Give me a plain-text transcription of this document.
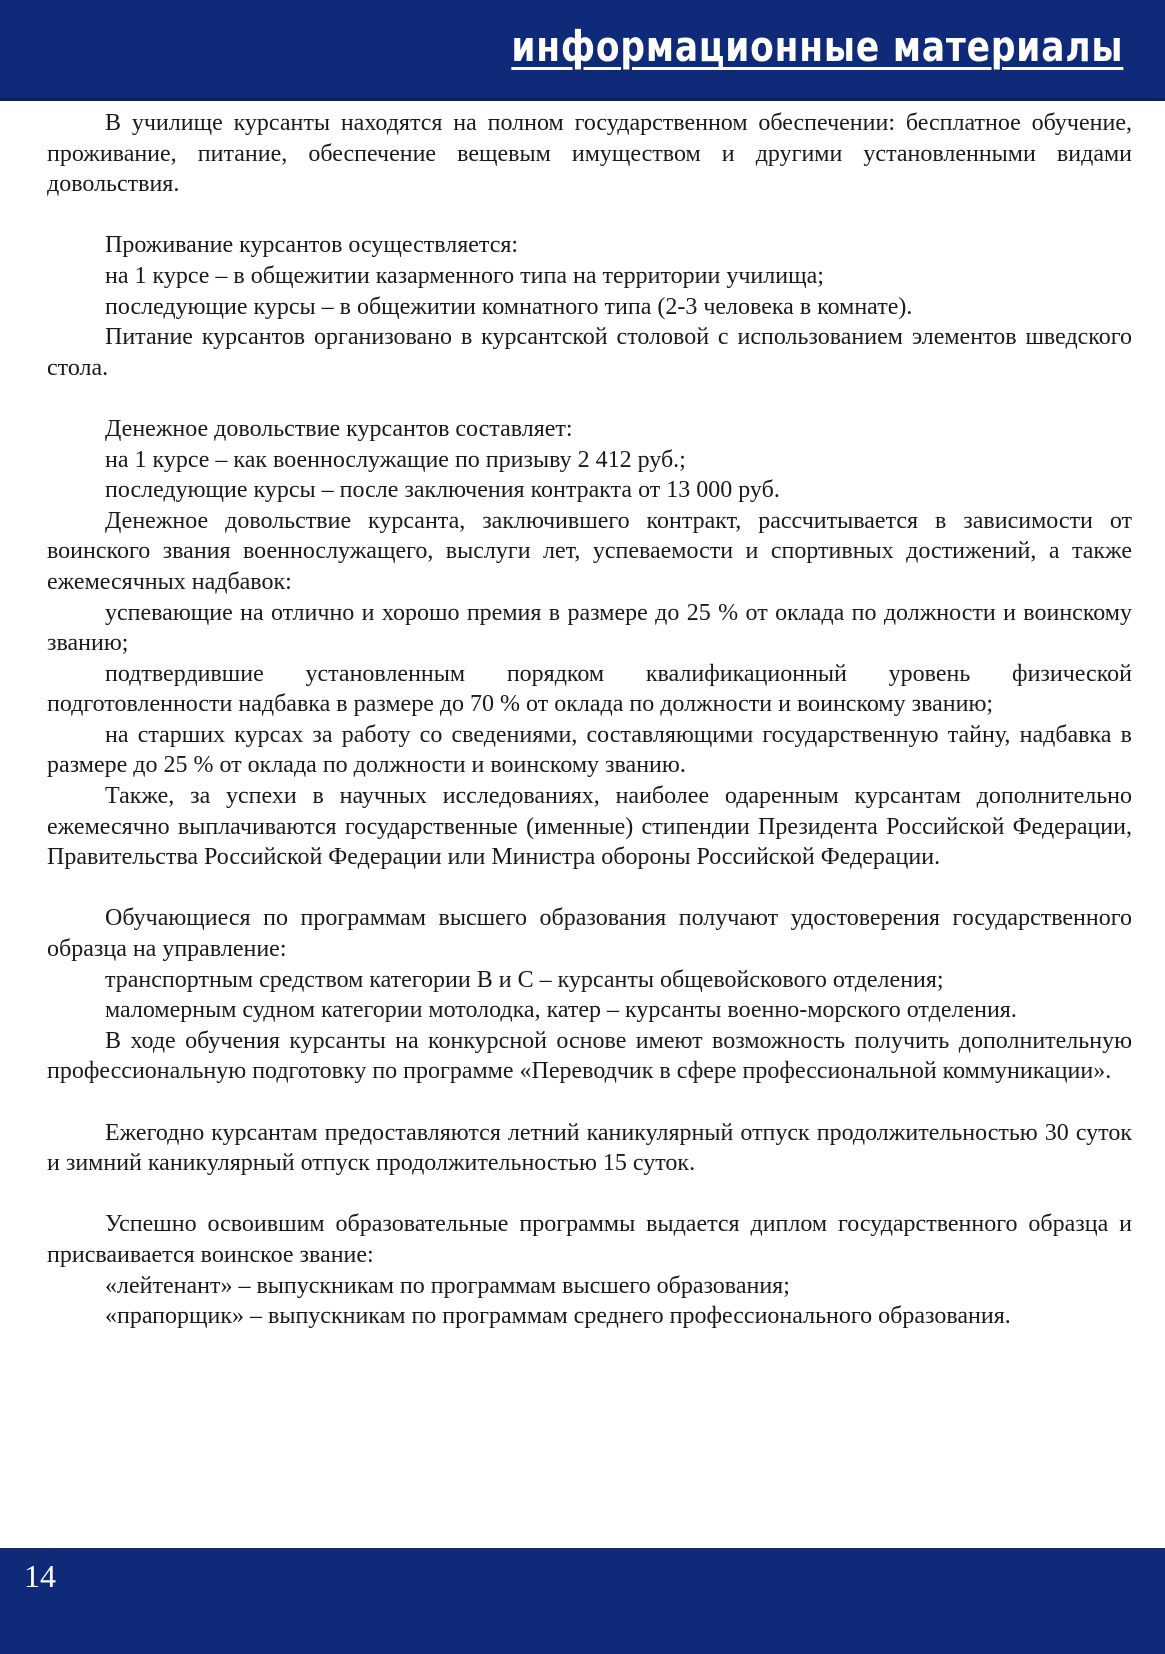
информационные материалы

В училище курсанты находятся на полном государственном обеспечении: бесплатное обучение, проживание, питание, обеспечение вещевым имуществом и другими установленными видами довольствия.

Проживание курсантов осуществляется:

на 1 курсе – в общежитии казарменного типа на территории училища;

последующие курсы – в общежитии комнатного типа (2-3 человека в комнате).

Питание курсантов организовано в курсантской столовой с использованием элементов шведского стола.

Денежное довольствие курсантов составляет:

на 1 курсе – как военнослужащие по призыву 2 412 руб.;

последующие курсы – после заключения контракта от 13 000 руб.

Денежное довольствие курсанта, заключившего контракт, рассчитывается в зависимости от воинского звания военнослужащего, выслуги лет, успеваемости и спортивных достижений, а также ежемесячных надбавок:

успевающие на отлично и хорошо премия в размере до 25 % от оклада по должности и воинскому званию;

подтвердившие установленным порядком квалификационный уровень физической подготовленности надбавка в размере до 70 % от оклада по должности и воинскому званию;

на старших курсах за работу со сведениями, составляющими государственную тайну, надбавка в размере до 25 % от оклада по должности и воинскому званию.

Также, за успехи в научных исследованиях, наиболее одаренным курсантам дополнительно ежемесячно выплачиваются государственные (именные) стипендии Президента Российской Федерации, Правительства Российской Федерации или Министра обороны Российской Федерации.

Обучающиеся по программам высшего образования получают удостоверения государственного образца на управление:

транспортным средством категории В и С – курсанты общевойскового отделения;

маломерным судном категории мотолодка, катер – курсанты военно-морского отделения.

В ходе обучения курсанты на конкурсной основе имеют возможность получить дополнительную профессиональную подготовку по программе «Переводчик в сфере профессиональной коммуникации».

Ежегодно курсантам предоставляются летний каникулярный отпуск продолжительностью 30 суток и зимний каникулярный отпуск продолжительностью 15 суток.

Успешно освоившим образовательные программы выдается диплом государственного образца и присваивается воинское звание:

«лейтенант» – выпускникам по программам высшего образования;

«прапорщик» – выпускникам по программам среднего профессионального образования.

14
